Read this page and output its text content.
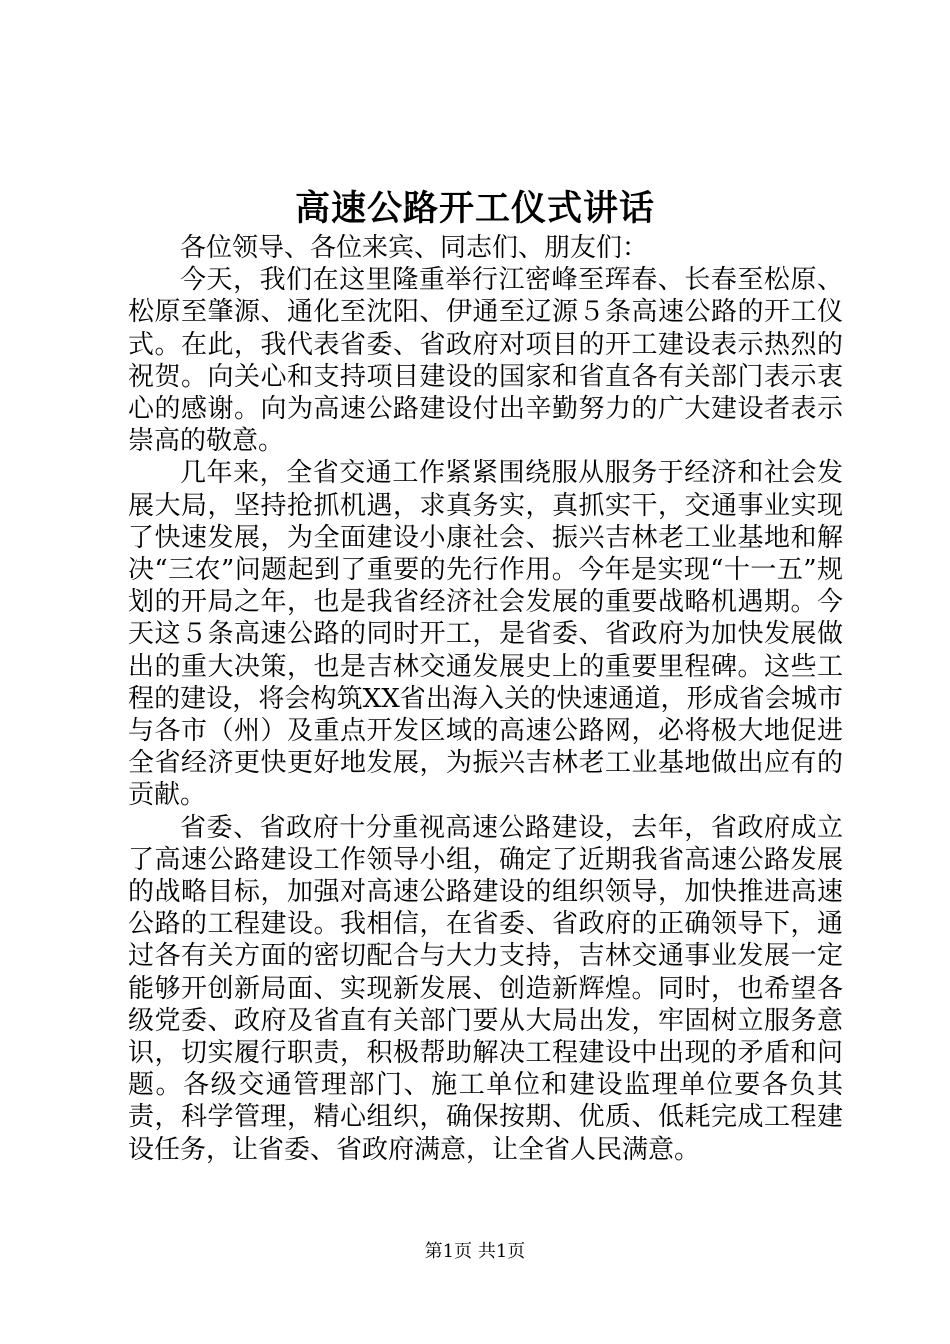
高速公路开工仪式讲话

各位领导、各位来宾、同志们、朋友们：

今天，我们在这里隆重举行江密峰至珲春、长春至松原、松原至肇源、通化至沈阳、伊通至辽源５条高速公路的开工仪式。在此，我代表省委、省政府对项目的开工建设表示热烈的祝贺。向关心和支持项目建设的国家和省直各有关部门表示衷心的感谢。向为高速公路建设付出辛勤努力的广大建设者表示崇高的敬意。

几年来，全省交通工作紧紧围绕服从服务于经济和社会发展大局，坚持抢抓机遇，求真务实，真抓实干，交通事业实现了快速发展，为全面建设小康社会、振兴吉林老工业基地和解决“三农”问题起到了重要的先行作用。今年是实现“十一五”规划的开局之年，也是我省经济社会发展的重要战略机遇期。今天这５条高速公路的同时开工，是省委、省政府为加快发展做出的重大决策，也是吉林交通发展史上的重要里程碑。这些工程的建设，将会构筑XX省出海入关的快速通道，形成省会城市与各市（州）及重点开发区域的高速公路网，必将极大地促进全省经济更快更好地发展，为振兴吉林老工业基地做出应有的贡献。

省委、省政府十分重视高速公路建设，去年，省政府成立了高速公路建设工作领导小组，确定了近期我省高速公路发展的战略目标，加强对高速公路建设的组织领导，加快推进高速公路的工程建设。我相信，在省委、省政府的正确领导下，通过各有关方面的密切配合与大力支持，吉林交通事业发展一定能够开创新局面、实现新发展、创造新辉煌。同时，也希望各级党委、政府及省直有关部门要从大局出发，牢固树立服务意识，切实履行职责，积极帮助解决工程建设中出现的矛盾和问题。各级交通管理部门、施工单位和建设监理单位要各负其责，科学管理，精心组织，确保按期、优质、低耗完成工程建设任务，让省委、省政府满意，让全省人民满意。

第1页 共1页
